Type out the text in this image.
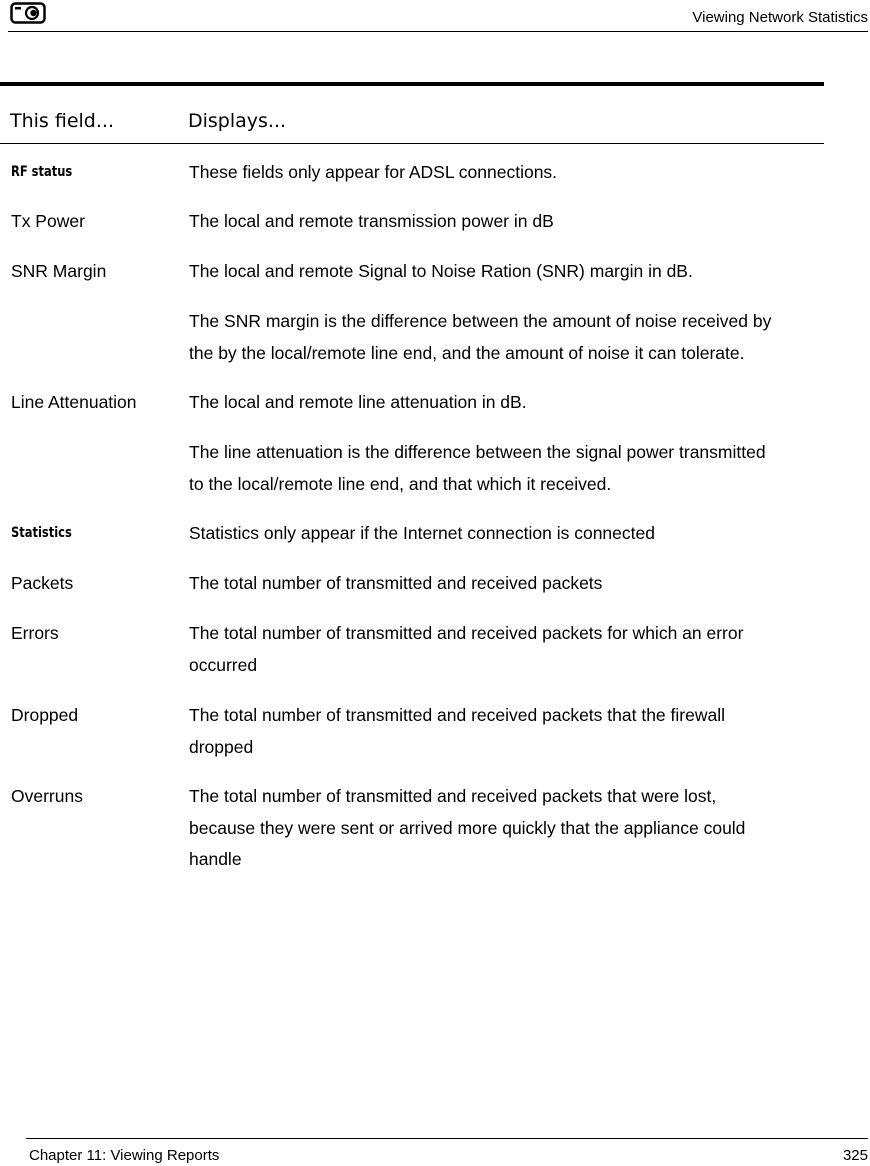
Viewing Network Statistics
This field...	Displays...
RF status	These fields only appear for ADSL connections.
Tx Power	The local and remote transmission power in dB
SNR Margin	The local and remote Signal to Noise Ration (SNR) margin in dB.
The SNR margin is the difference between the amount of noise received by
the by the local/remote line end, and the amount of noise it can tolerate.
Line Attenuation	The local and remote line attenuation in dB.
The line attenuation is the difference between the signal power transmitted
to the local/remote line end, and that which it received.
Statistics	Statistics only appear if the Internet connection is connected
Packets	The total number of transmitted and received packets
Errors	The total number of transmitted and received packets for which an error
occurred
Dropped	The total number of transmitted and received packets that the firewall
dropped
Overruns	The total number of transmitted and received packets that were lost,
because they were sent or arrived more quickly that the appliance could
handle
Chapter 11: Viewing Reports	325
